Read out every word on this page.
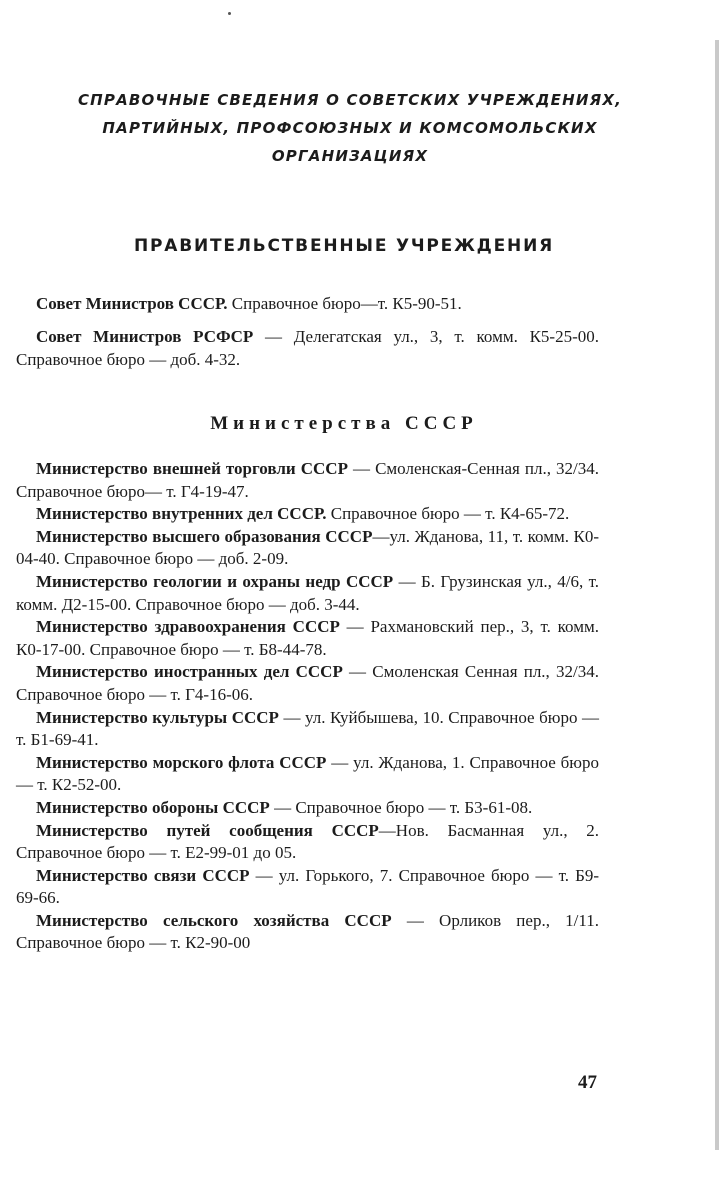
СПРАВОЧНЫЕ СВЕДЕНИЯ О СОВЕТСКИХ УЧРЕЖДЕНИЯХ,
ПАРТИЙНЫХ, ПРОФСОЮЗНЫХ И КОМСОМОЛЬСКИХ
ОРГАНИЗАЦИЯХ
ПРАВИТЕЛЬСТВЕННЫЕ УЧРЕЖДЕНИЯ

Совет Министров СССР. Справочное бюро—т. К5-90-51.

Совет Министров РСФСР — Делегатская ул., 3, т. комм. К5-25-00. Справочное бюро — доб. 4-32.

Министерства СССР

Министерство внешней торговли СССР — Смоленская-Сенная пл., 32/34. Справочное бюро— т. Г4-19-47.

Министерство внутренних дел СССР. Справочное бюро — т. К4-65-72.

Министерство высшего образования СССР—ул. Жданова, 11, т. комм. К0-04-40. Справочное бюро — доб. 2-09.

Министерство геологии и охраны недр СССР — Б. Грузинская ул., 4/6, т. комм. Д2-15-00. Справочное бюро — доб. 3-44.

Министерство здравоохранения СССР — Рахмановский пер., 3, т. комм. К0-17-00. Справочное бюро — т. Б8-44-78.

Министерство иностранных дел СССР — Смоленская Сенная пл., 32/34. Справочное бюро — т. Г4-16-06.

Министерство культуры СССР — ул. Куйбышева, 10. Справочное бюро — т. Б1-69-41.

Министерство морского флота СССР — ул. Жданова, 1. Справочное бюро — т. К2-52-00.

Министерство обороны СССР — Справочное бюро — т. Б3-61-08.

Министерство путей сообщения СССР—Нов. Басманная ул., 2. Справочное бюро — т. Е2-99-01 до 05.

Министерство связи СССР — ул. Горького, 7. Справочное бюро — т. Б9-69-66.

Министерство сельского хозяйства СССР — Орликов пер., 1/11. Справочное бюро — т. К2-90-00

47
